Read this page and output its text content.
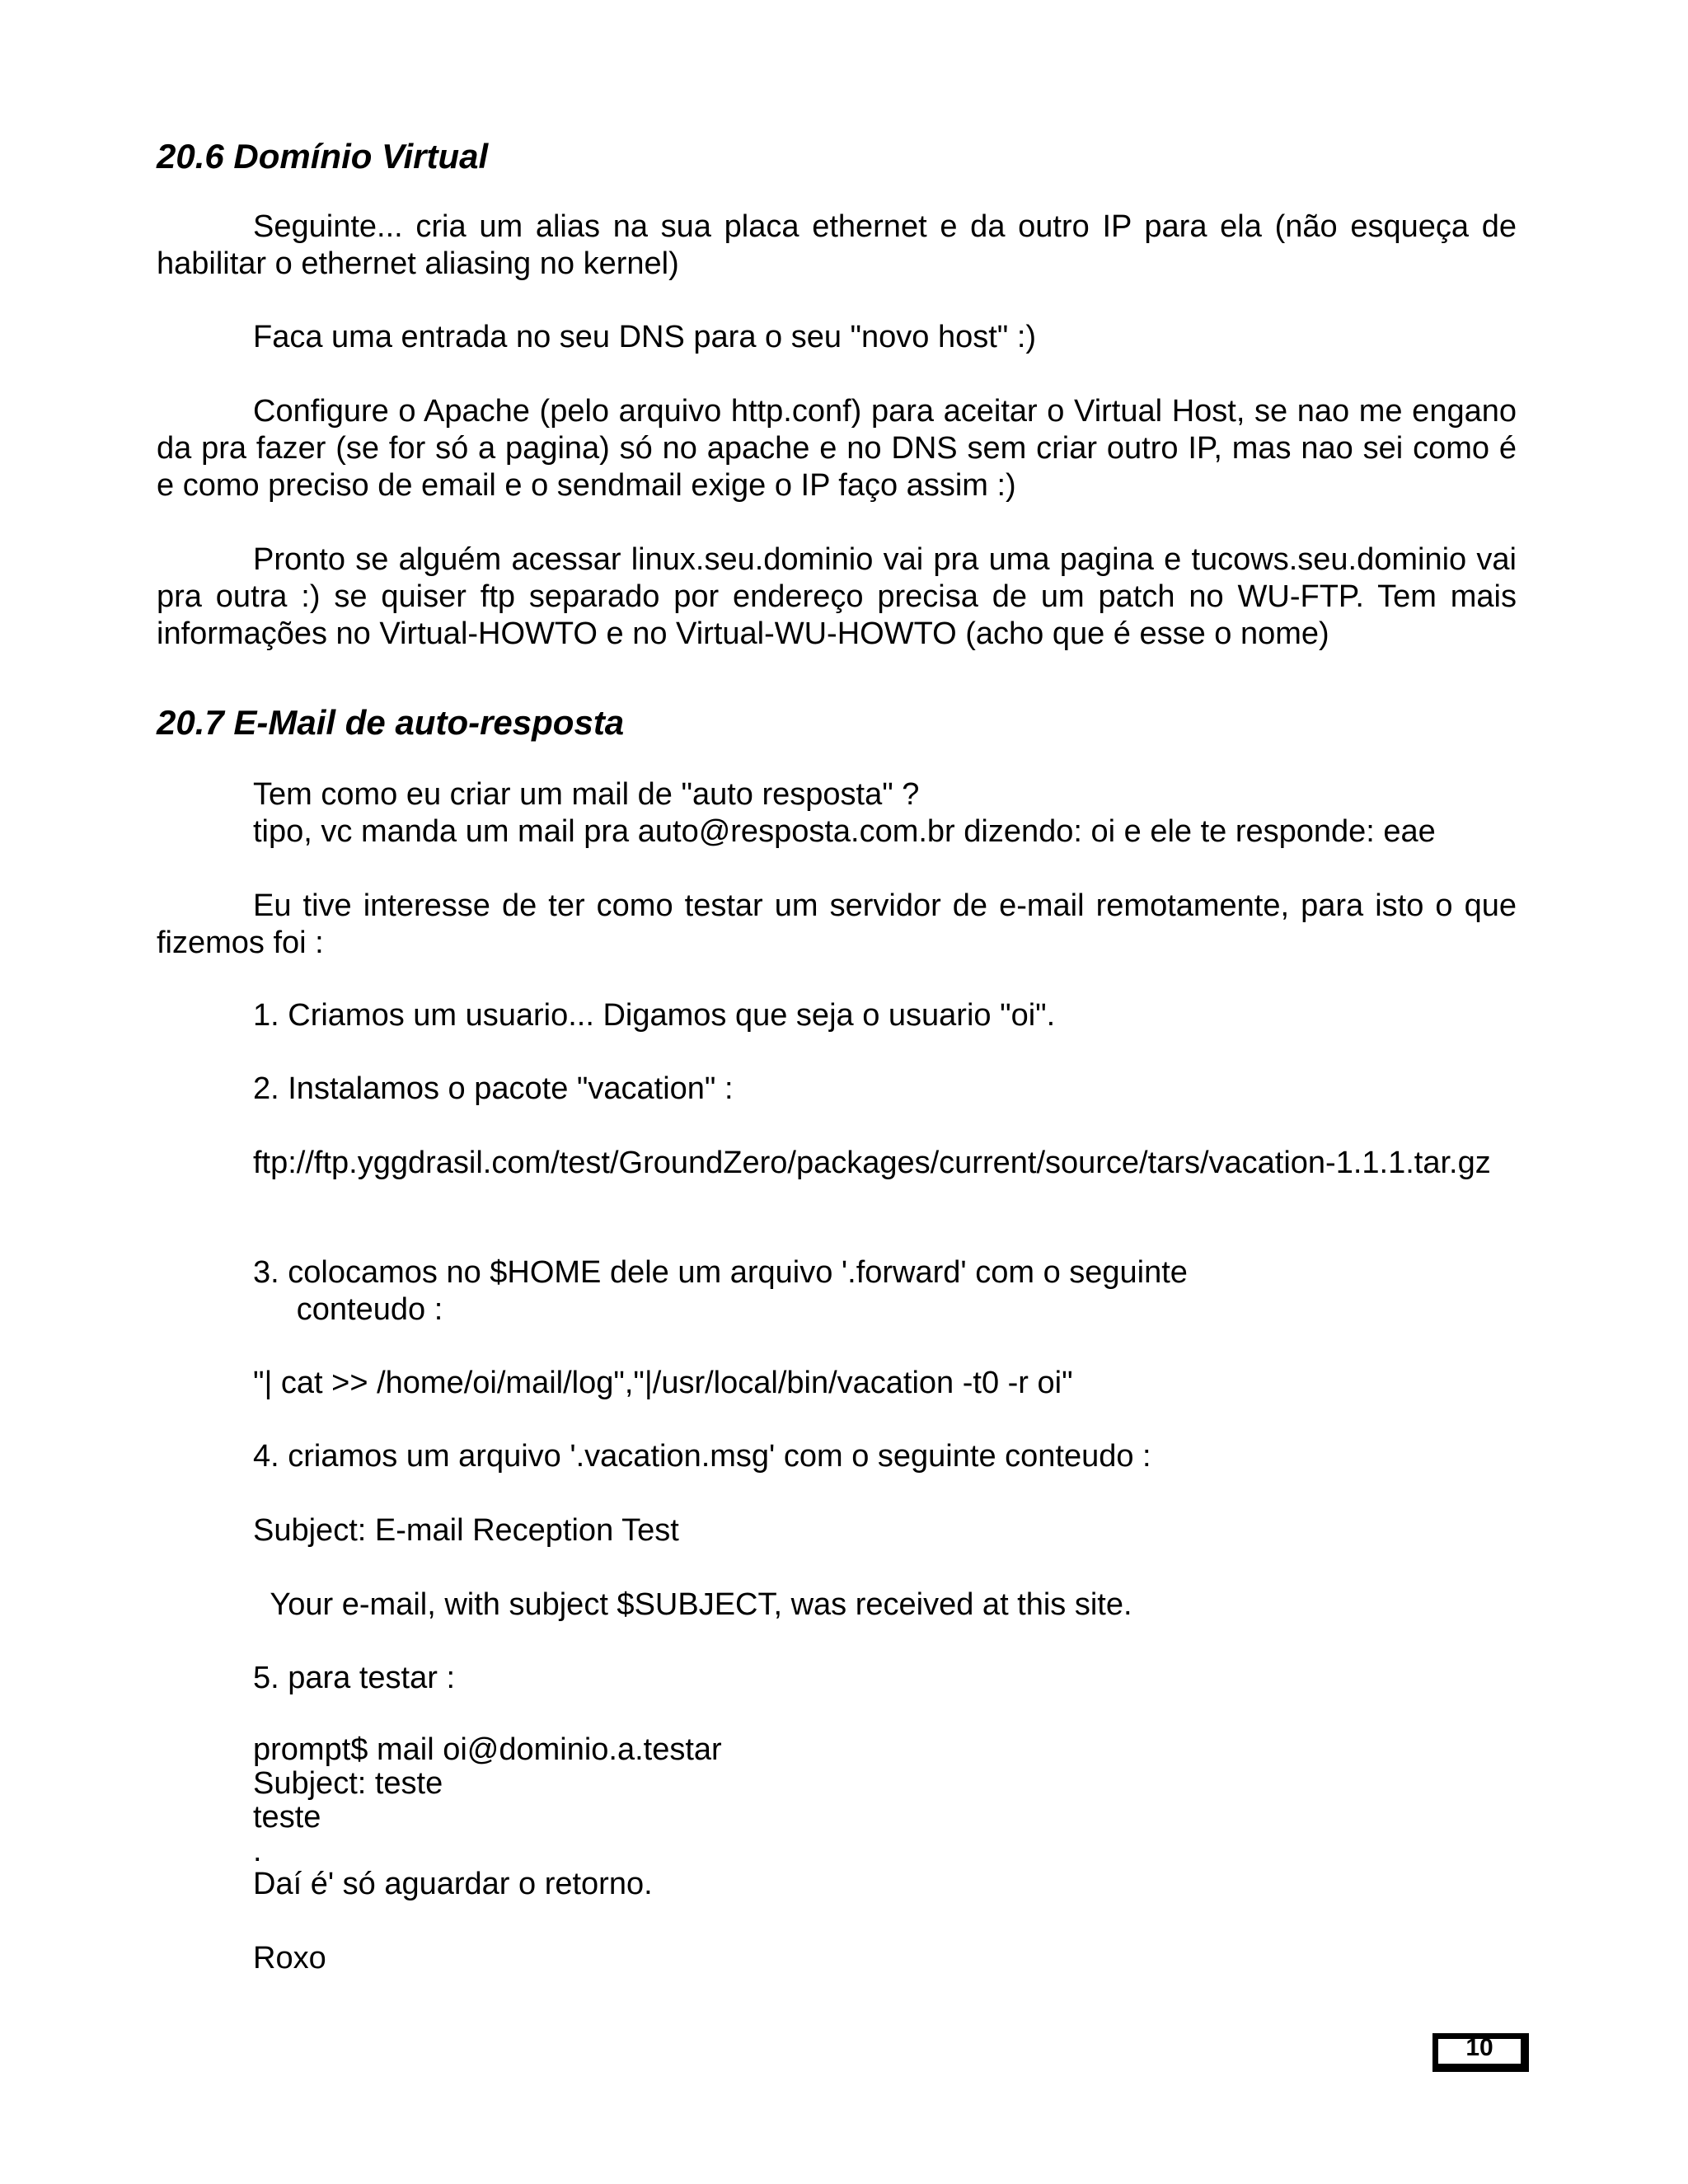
20.6 Domínio Virtual
Seguinte... cria um alias na sua placa ethernet e da outro IP para ela (não esqueça de habilitar o ethernet aliasing no kernel)
Faca uma entrada no seu DNS para o seu "novo host" :)
Configure o Apache (pelo arquivo http.conf) para aceitar o Virtual Host, se nao me engano da pra fazer (se for só a pagina) só no apache e no DNS sem criar outro IP, mas nao sei como é e como preciso de email e o sendmail exige o IP faço assim :)
Pronto se alguém acessar linux.seu.dominio vai pra uma pagina e tucows.seu.dominio vai pra outra :) se quiser ftp separado por endereço precisa de um patch no WU-FTP. Tem mais informações no Virtual-HOWTO e no Virtual-WU-HOWTO (acho que é esse o nome)
20.7 E-Mail de auto-resposta
Tem como eu criar um mail de "auto resposta" ?
tipo, vc manda um mail pra auto@resposta.com.br dizendo: oi e ele te responde: eae
Eu tive interesse de ter como testar um servidor de e-mail remotamente, para isto o que fizemos foi :
1. Criamos um usuario... Digamos que seja o usuario "oi".
2. Instalamos o pacote "vacation" :
ftp://ftp.yggdrasil.com/test/GroundZero/packages/current/source/tars/vacation-1.1.1.tar.gz
3. colocamos no $HOME dele um arquivo '.forward' com o seguinte
conteudo :
"| cat >> /home/oi/mail/log","|/usr/local/bin/vacation -t0 -r oi"
4. criamos um arquivo '.vacation.msg' com o seguinte conteudo :
Subject: E-mail Reception Test
Your e-mail, with subject $SUBJECT, was received at this site.
5. para testar :
prompt$ mail oi@dominio.a.testar
Subject: teste
teste
.
Daí é' só aguardar o retorno.
Roxo
10
